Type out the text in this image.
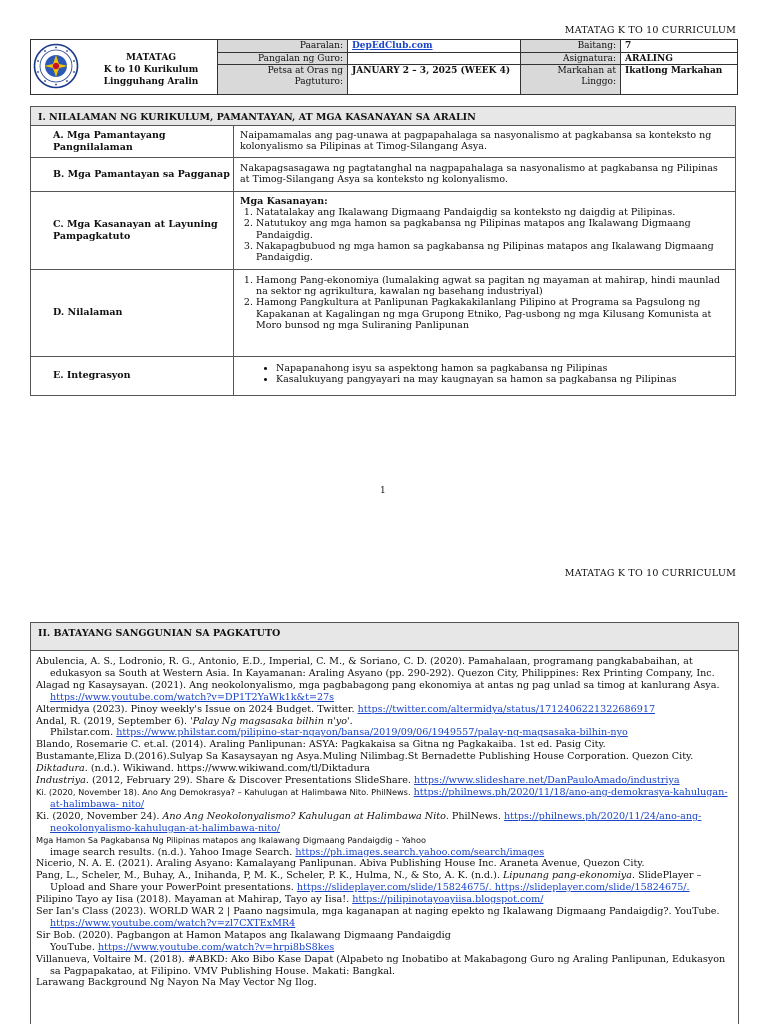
MATATAG K TO 10 CURRICULUM
MATATAG
K to 10 Kurikulum
Lingguhang Aralin
Paaralan:
Pangalan ng Guro:
Petsa at Oras ng Pagtuturo:
DepEdClub.com
JANUARY 2 – 3, 2025 (WEEK 4)
Baitang:
Asignatura:
Markahan at Linggo:
7
ARALING
Ikatlong Markahan
I. NILALAMAN NG KURIKULUM, PAMANTAYAN, AT MGA KASANAYAN SA ARALIN
A. Mga Pamantayang Pangnilalaman
Naipamamalas ang pag-unawa at pagpapahalaga sa nasyonalismo at pagkabansa sa konteksto ng kolonyalismo sa Pilipinas at Timog-Silangang Asya.
B. Mga Pamantayan sa Pagganap	Nakapagsasagawa ng pagtatanghal na nagpapahalaga sa nasyonalismo at pagkabansa ng Pilipinas at Timog-Silangang Asya sa konteksto ng kolonyalismo.
C. Mga Kasanayan at Layuning Pampagkatuto
Mga Kasanayan:
1. Natatalakay ang Ikalawang Digmaang Pandaigdig sa konteksto ng daigdig at Pilipinas.
2. Natutukoy ang mga hamon sa pagkabansa ng Pilipinas matapos ang Ikalawang Digmaang Pandaigdig.
3. Nakapagbubuod ng mga hamon sa pagkabansa ng Pilipinas matapos ang Ikalawang Digmaang Pandaigdig.
D. Nilalaman
1. Hamong Pang-ekonomiya (lumalaking agwat sa pagitan ng mayaman at mahirap, hindi maunlad na sektor ng agrikultura, kawalan ng basehang industriyal)
2. Hamong Pangkultura at Panlipunan Pagkakakilanlang Pilipino at Programa sa Pagsulong ng Kapakanan at Kagalingan ng mga Grupong Etniko, Pag-usbong ng mga Kilusang Komunista at Moro bunsod ng mga Suliraning Panlipunan
E. Integrasyon
• Napapanahong isyu sa aspektong hamon sa pagkabansa ng Pilipinas
• Kasalukuyang pangyayari na may kaugnayan sa hamon sa pagkabansa ng Pilipinas
1
MATATAG K TO 10 CURRICULUM
II. BATAYANG SANGGUNIAN SA PAGKATUTO

Abulencia, A. S., Lodronio, R. G., Antonio, E.D., Imperial, C. M., & Soriano, C. D. (2020). Pamahalaan, programang pangkababaihan, at edukasyon sa South at Western Asia. In Kayamanan: Araling Asyano (pp. 290-292). Quezon City, Philippines: Rex Printing Company, Inc.

Alagad ng Kasaysayan. (2021). Ang neokolonyalismo, mga pagbabagong pang ekonomiya at antas ng pag unlad sa timog at kanlurang Asya. https://www.youtube.com/watch?v=DP1T2YaWk1k&t=27s

Altermidya (2023). Pinoy weekly's Issue on 2024 Budget. Twitter. https://twitter.com/altermidya/status/1712406221322686917

Andal, R. (2019, September 6). 'Palay Ng magsasaka bilhin n'yo'.
Philstar.com. https://www.philstar.com/pilipino-star-ngayon/bansa/2019/09/06/1949557/palay-ng-magsasaka-bilhin-nyo

Blando, Rosemarie C. et.al. (2014). Araling Panlipunan: ASYA: Pagkakaisa sa Gitna ng Pagkakaiba. 1st ed. Pasig City.

Bustamante,Eliza D.(2016).Sulyap Sa Kasaysayan ng Asya.Muling Nilimbag.St Bernadette Publishing House Corporation. Quezon City.

Diktadura. (n.d.). Wikiwand. https://www.wikiwand.com/tl/Diktadura

Industriya. (2012, February 29). Share & Discover Presentations SlideShare. https://www.slideshare.net/DanPauloAmado/industriya

Ki. (2020, November 18). Ano Ang Demokrasya? – Kahulugan at Halimbawa Nito. PhilNews. https://philnews.ph/2020/11/18/ano-ang-demokrasya-kahulugan-at-halimbawa- nito/

Ki. (2020, November 24). Ano Ang Neokolonyalismo? Kahulugan at Halimbawa Nito. PhilNews. https://philnews.ph/2020/11/24/ano-ang-neokolonyalismo-kahulugan-at-halimbawa-nito/

Mga Hamon Sa Pagkabansa Ng Pilipinas matapos ang Ikalawang Digmaang Pandaigdig – Yahoo
image search results. (n.d.). Yahoo Image Search. https://ph.images.search.yahoo.com/search/images

Nicerio, N. A. E. (2021). Araling Asyano: Kamalayang Panlipunan. Abiva Publishing House Inc. Araneta Avenue, Quezon City.

Pang, L., Scheler, M., Buhay, A., Inihanda, P, M. K., Scheler, P. K., Hulma, N., & Sto, A. K. (n.d.). Lipunang pang-ekonomiya. SlidePlayer – Upload and Share your PowerPoint presentations. https://slideplayer.com/slide/15824675/. https://slideplayer.com/slide/15824675/.

Pilipino Tayo ay Iisa (2018). Mayaman at Mahirap, Tayo ay Iisa!. https://pilipinotayoayiisa.blogspot.com/

Ser Ian's Class (2023). WORLD WAR 2 | Paano nagsimula, mga kaganapan at naging epekto ng Ikalawang Digmaang Pandaigdig?. YouTube. https://www.youtube.com/watch?v=zl7CXTExMR4

Sir Bob. (2020). Pagbangon at Hamon Matapos ang Ikalawang Digmaang Pandaigdig
YouTube. https://www.youtube.com/watch?v=hrpi8bS8kes

Villanueva, Voltaire M. (2018). #ABKD: Ako Bibo Kase Dapat (Alpabeto ng Inobatibo at Makabagong Guro ng Araling Panlipunan, Edukasyon sa Pagpapakatao, at Filipino. VMV Publishing House. Makati: Bangkal.

Larawang Background Ng Nayon Na May Vector Ng Ilog.
